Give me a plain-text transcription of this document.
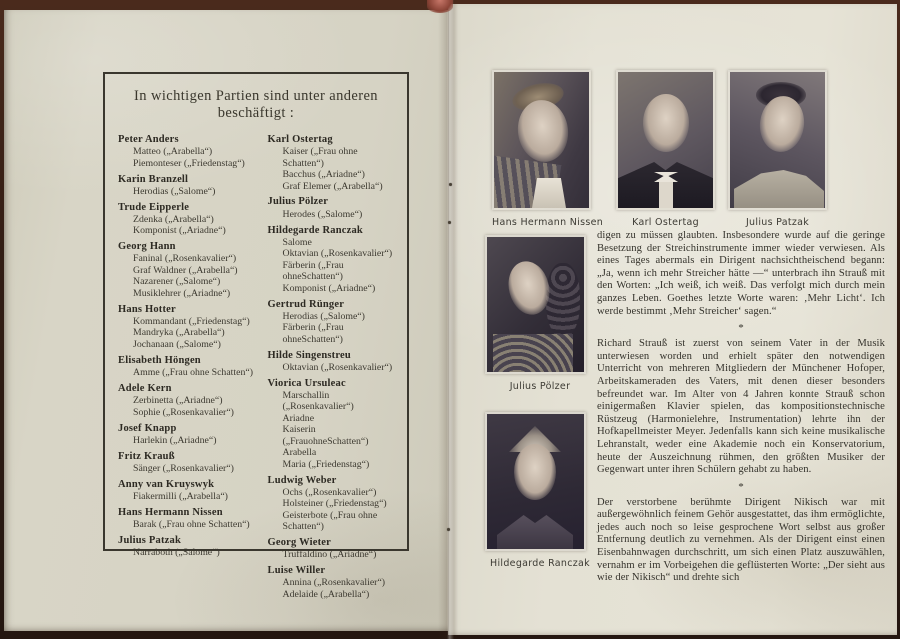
In wichtigen Partien sind unter anderen beschäftigt :
Peter Anders
Matteo („Arabella“)
Piemonteser („Friedenstag“)
Karin Branzell
Herodias („Salome“)
Trude Eipperle
Zdenka („Arabella“)
Komponist („Ariadne“)
Georg Hann
Faninal („Rosenkavalier“)
Graf Waldner („Arabella“)
Nazarener („Salome“)
Musiklehrer („Ariadne“)
Hans Hotter
Kommandant („Friedenstag“)
Mandryka („Arabella“)
Jochanaan („Salome“)
Elisabeth Höngen
Amme („Frau ohne Schatten“)
Adele Kern
Zerbinetta („Ariadne“)
Sophie („Rosenkavalier“)
Josef Knapp
Harlekin („Ariadne“)
Fritz Krauß
Sänger („Rosenkavalier“)
Anny van Kruyswyk
Fiakermilli („Arabella“)
Hans Hermann Nissen
Barak („Frau ohne Schatten“)
Julius Patzak
Narraboth („Salome“)
Karl Ostertag
Kaiser („Frau ohne Schatten“)
Bacchus („Ariadne“)
Graf Elemer („Arabella“)
Julius Pölzer
Herodes („Salome“)
Hildegarde Ranczak
Salome
Oktavian („Rosenkavalier“)
Färberin („Frau ohneSchatten“)
Komponist („Ariadne“)
Gertrud Rünger
Herodias („Salome“)
Färberin („Frau ohneSchatten“)
Hilde Singenstreu
Oktavian („Rosenkavalier“)
Viorica Ursuleac
Marschallin („Rosenkavalier“)
Ariadne
Kaiserin („FrauohneSchatten“)
Arabella
Maria („Friedenstag“)
Ludwig Weber
Ochs („Rosenkavalier“)
Holsteiner („Friedenstag“)
Geisterbote („Frau ohne Schatten“)
Georg Wieter
Truffaldino („Ariadne“)
Luise Willer
Annina („Rosenkavalier“)
Adelaide („Arabella“)
Hans Hermann Nissen	Karl Ostertag	Julius Patzak
Julius Pölzer
Hildegarde Ranczak

digen zu müssen glaubten. Insbesondere wurde auf die geringe Besetzung der Streichinstrumente immer wieder verwiesen. Als eines Tages abermals ein Dirigent nachsichtheischend begann: „Ja, wenn ich mehr Streicher hätte —“ unterbrach ihn Strauß mit den Worten: „Ich weiß, ich weiß. Das verfolgt mich durch mein ganzes Leben. Goethes letzte Worte waren: ‚Mehr Licht‘. Ich werde bestimmt ‚Mehr Streicher‘ sagen.“

*

Richard Strauß ist zuerst von seinem Vater in der Musik unterwiesen worden und erhielt später den notwendigen Unterricht von mehreren Mitgliedern der Münchener Hofoper, Arbeitskameraden des Vaters, mit denen dieser besonders befreundet war. Im Alter von 4 Jahren konnte Strauß schon einigermaßen Klavier spielen, das kompositionstechnische Rüstzeug (Harmonielehre, Instrumentation) lehrte ihn der Hofkapellmeister Meyer. Jedenfalls kann sich keine musikalische Lehranstalt, weder eine Akademie noch ein Konservatorium, heute der Auszeichnung rühmen, den größten Musiker der Gegenwart unter ihren Schülern gehabt zu haben.

*

Der verstorbene berühmte Dirigent Nikisch war mit außergewöhnlich feinem Gehör ausgestattet, das ihm ermöglichte, jedes auch noch so leise gesprochene Wort selbst aus großer Entfernung deutlich zu vernehmen. Als der Dirigent einst einen Eisenbahnwagen durchschritt, um sich einen Platz auszuwählen, vernahm er im Vorbeigehen die geflüsterten Worte: „Der sieht aus wie der Nikisch“ und drehte sich
